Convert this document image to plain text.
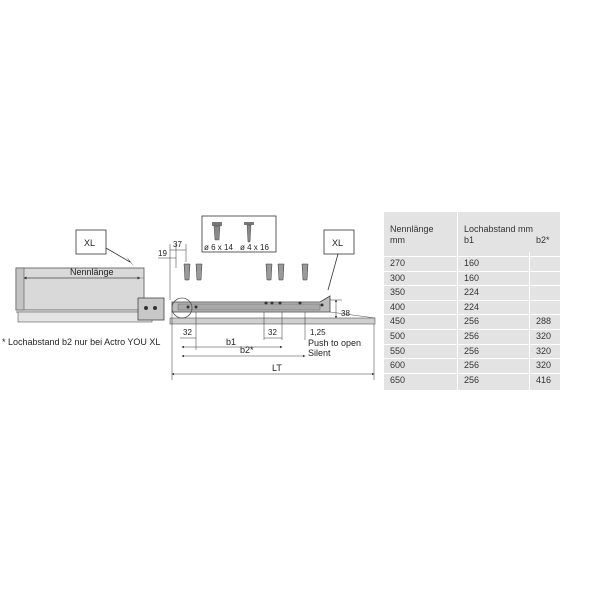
Nennlänge
XL	XL
ø 6 x 14 ø 4 x 16
37
19
38
32	32	1,25
b1
b2*
Push to open
Silent
LT
* Lochabstand b2 nur bei Actro YOU XL
Nennlänge
mm
Lochabstand mm
b1	b2*
270	160
300	160
350	224
400	224
450	256	288
500	256	320
550	256	320
600	256	320
650	256	416
